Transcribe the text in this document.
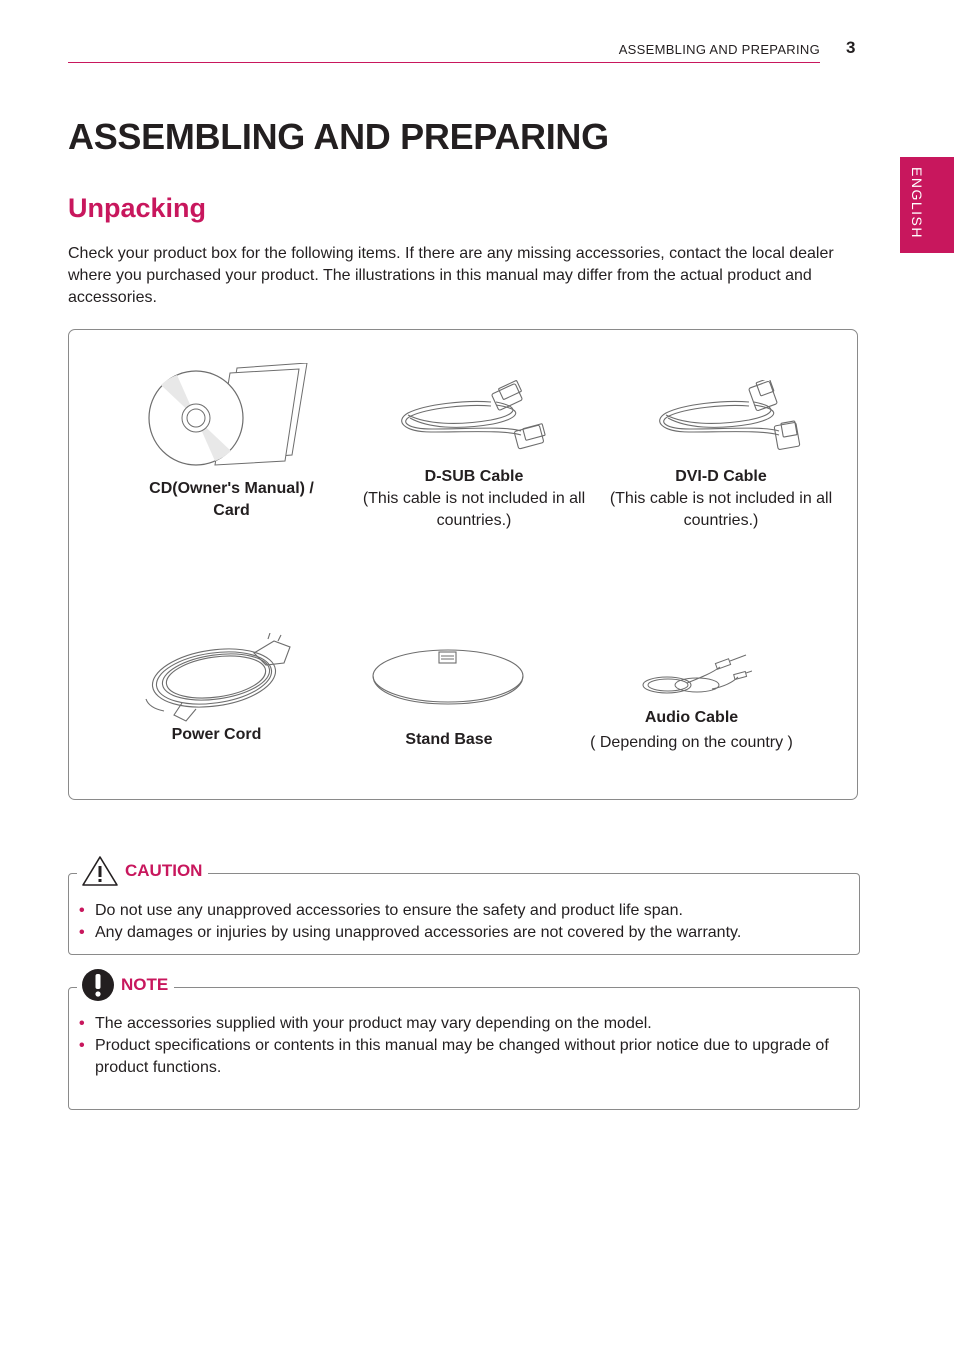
ASSEMBLING AND PREPARING 3
ENGLISH
ASSEMBLING AND PREPARING
Unpacking

Check your product box for the following items. If there are any missing accessories, contact the local dealer where you purchased your product. The illustrations in this manual may differ from the actual product and accessories.

CD(Owner's Manual) / Card
D-SUB Cable
(This cable is not included in all countries.)
DVI-D Cable
(This cable is not included in all countries.)
Power Cord	Stand Base
Audio Cable
( Depending on the country )
CAUTION
• Do not use any unapproved accessories to ensure the safety and product life span.
• Any damages or injuries by using unapproved accessories are not covered by the warranty.
NOTE
• The accessories supplied with your product may vary depending on the model.
• Product specifications or contents in this manual may be changed without prior notice due to upgrade of product functions.
